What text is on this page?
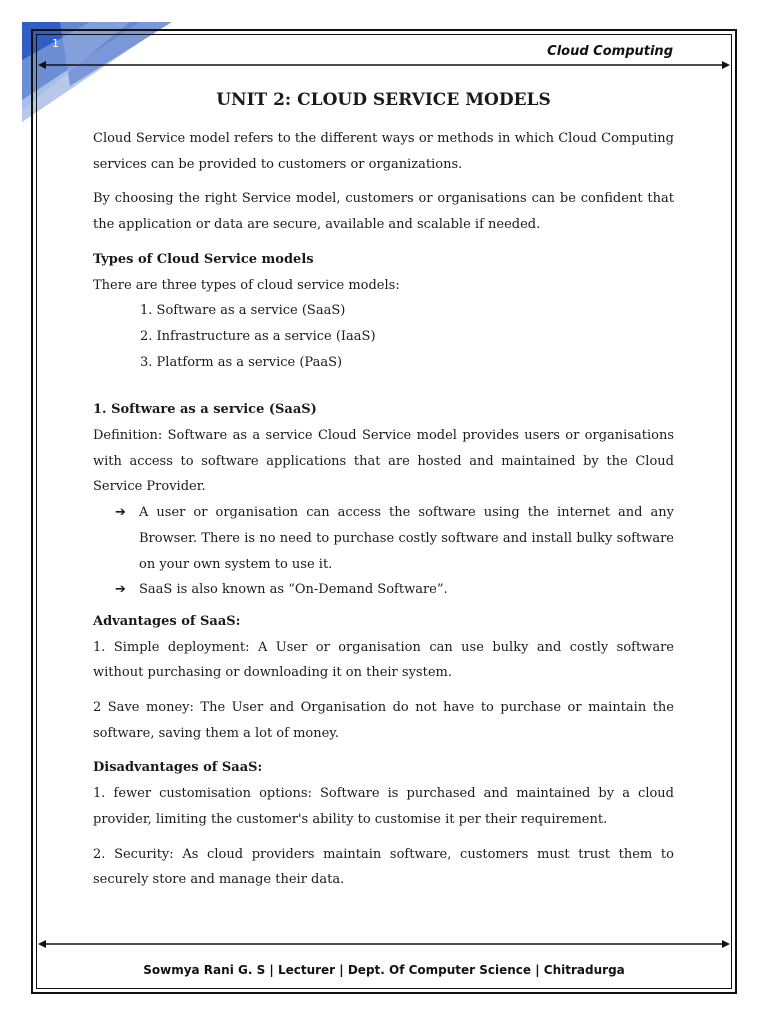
1
Cloud Computing
UNIT 2: CLOUD SERVICE MODELS

Cloud Service model refers to the different ways or methods in which Cloud Computing services can be provided to customers or organizations.

By choosing the right Service model, customers or organisations can be confident that the application or data are secure, available and scalable if needed.

Types of Cloud Service models
There are three types of cloud service models:
1. Software as a service (SaaS)
2. Infrastructure as a service (IaaS)
3. Platform as a service (PaaS)
1. Software as a service (SaaS)

Definition: Software as a service Cloud Service model provides users or organisations with access to software applications that are hosted and maintained by the Cloud Service Provider.

➔ A user or organisation can access the software using the internet and any Browser. There is no need to purchase costly software and install bulky software on your own system to use it.
➔ SaaS is also known as “On-Demand Software”.
Advantages of SaaS:

1. Simple deployment: A User or organisation can use bulky and costly software without purchasing or downloading it on their system.

2 Save money: The User and Organisation do not have to purchase or maintain the software, saving them a lot of money.

Disadvantages of SaaS:

1. fewer customisation options: Software is purchased and maintained by a cloud provider, limiting the customer's ability to customise it per their requirement.

2. Security: As cloud providers maintain software, customers must trust them to securely store and manage their data.

Sowmya Rani G. S | Lecturer | Dept. Of Computer Science | Chitradurga
